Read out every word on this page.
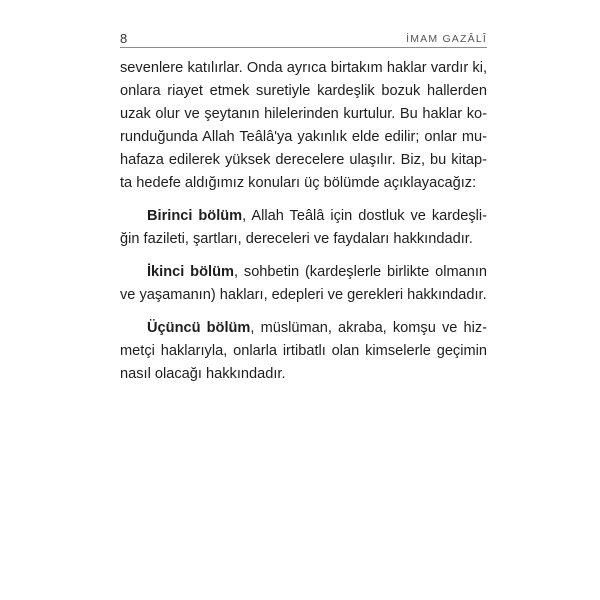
8	İMAM GAZÂLÎ

sevenlere katılırlar. Onda ayrıca birtakım haklar vardır ki,
onlara riayet etmek suretiyle kardeşlik bozuk hallerden
uzak olur ve şeytanın hilelerinden kurtulur. Bu haklar ko-
runduğunda Allah Teâlâ'ya yakınlık elde edilir; onlar mu-
hafaza edilerek yüksek derecelere ulaşılır. Biz, bu kitap-
ta hedefe aldığımız konuları üç bölümde açıklayacağız:

Birinci bölüm, Allah Teâlâ için dostluk ve kardeşli-
ğin fazileti, şartları, dereceleri ve faydaları hakkındadır.

İkinci bölüm, sohbetin (kardeşlerle birlikte olmanın
ve yaşamanın) hakları, edepleri ve gerekleri hakkındadır.

Üçüncü bölüm, müslüman, akraba, komşu ve hiz-
metçi haklarıyla, onlarla irtibatlı olan kimselerle geçimin
nasıl olacağı hakkındadır.
